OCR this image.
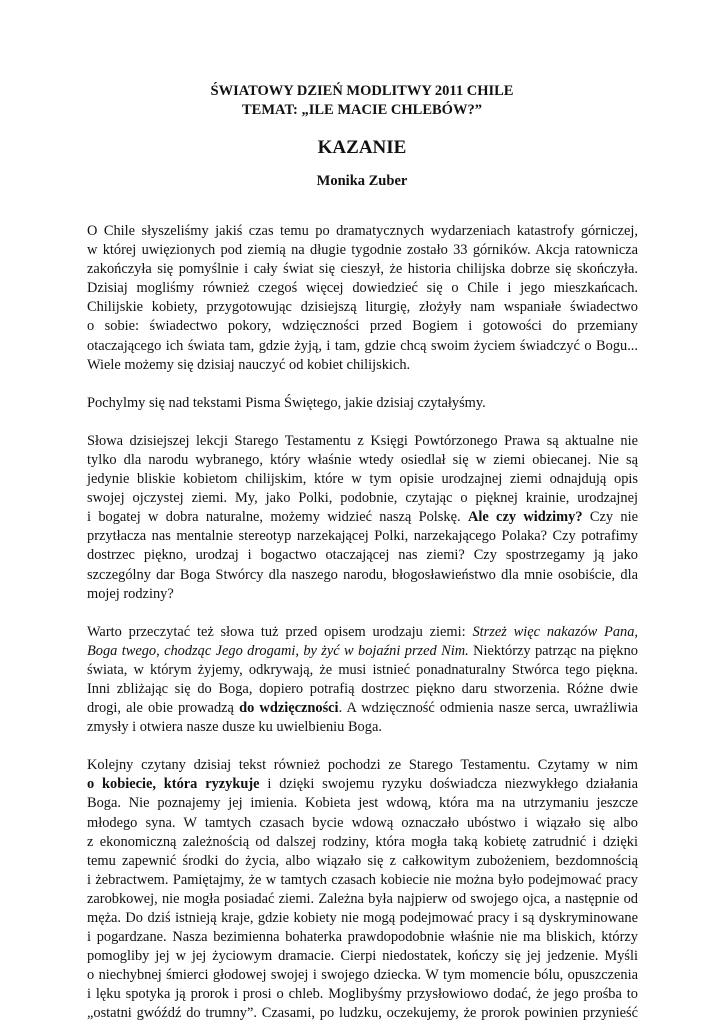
ŚWIATOWY DZIEŃ MODLITWY 2011 CHILE
TEMAT: „ILE MACIE CHLEBÓW?”
KAZANIE
Monika Zuber

O Chile słyszeliśmy jakiś czas temu po dramatycznych wydarzeniach katastrofy górniczej,
w której uwięzionych pod ziemią na długie tygodnie zostało 33 górników. Akcja ratownicza
zakończyła się pomyślnie i cały świat się cieszył, że historia chilijska dobrze się skończyła.
Dzisiaj mogliśmy również czegoś więcej dowiedzieć się o Chile i jego mieszkańcach.
Chilijskie kobiety, przygotowując dzisiejszą liturgię, złożyły nam wspaniałe świadectwo
o sobie: świadectwo pokory, wdzięczności przed Bogiem i gotowości do przemiany
otaczającego ich świata tam, gdzie żyją, i tam, gdzie chcą swoim życiem świadczyć o Bogu...
Wiele możemy się dzisiaj nauczyć od kobiet chilijskich.

Pochylmy się nad tekstami Pisma Świętego, jakie dzisiaj czytałyśmy.

Słowa dzisiejszej lekcji Starego Testamentu z Księgi Powtórzonego Prawa są aktualne nie
tylko dla narodu wybranego, który właśnie wtedy osiedlał się w ziemi obiecanej. Nie są
jedynie bliskie kobietom chilijskim, które w tym opisie urodzajnej ziemi odnajdują opis
swojej ojczystej ziemi. My, jako Polki, podobnie, czytając o pięknej krainie, urodzajnej
i bogatej w dobra naturalne, możemy widzieć naszą Polskę. Ale czy widzimy? Czy nie
przytłacza nas mentalnie stereotyp narzekającej Polki, narzekającego Polaka? Czy potrafimy
dostrzec piękno, urodzaj i bogactwo otaczającej nas ziemi? Czy spostrzegamy ją jako
szczególny dar Boga Stwórcy dla naszego narodu, błogosławieństwo dla mnie osobiście, dla
mojej rodziny?

Warto przeczytać też słowa tuż przed opisem urodzaju ziemi: Strzeż więc nakazów Pana,
Boga twego, chodząc Jego drogami, by żyć w bojaźni przed Nim. Niektórzy patrząc na piękno
świata, w którym żyjemy, odkrywają, że musi istnieć ponadnaturalny Stwórca tego piękna.
Inni zbliżając się do Boga, dopiero potrafią dostrzec piękno daru stworzenia. Różne dwie
drogi, ale obie prowadzą do wdzięczności. A wdzięczność odmienia nasze serca, uwrażliwia
zmysły i otwiera nasze dusze ku uwielbieniu Boga.

Kolejny czytany dzisiaj tekst również pochodzi ze Starego Testamentu. Czytamy w nim
o kobiecie, która ryzykuje i dzięki swojemu ryzyku doświadcza niezwykłego działania
Boga. Nie poznajemy jej imienia. Kobieta jest wdową, która ma na utrzymaniu jeszcze
młodego syna. W tamtych czasach bycie wdową oznaczało ubóstwo i wiązało się albo
z ekonomiczną zależnością od dalszej rodziny, która mogła taką kobietę zatrudnić i dzięki
temu zapewnić środki do życia, albo wiązało się z całkowitym zubożeniem, bezdomnością
i żebractwem. Pamiętajmy, że w tamtych czasach kobiecie nie można było podejmować pracy
zarobkowej, nie mogła posiadać ziemi. Zależna była najpierw od swojego ojca, a następnie od
męża. Do dziś istnieją kraje, gdzie kobiety nie mogą podejmować pracy i są dyskryminowane
i pogardzane. Nasza bezimienna bohaterka prawdopodobnie właśnie nie ma bliskich, którzy
pomogliby jej w jej życiowym dramacie. Cierpi niedostatek, kończy się jej jedzenie. Myśli
o niechybnej śmierci głodowej swojej i swojego dziecka. W tym momencie bólu, opuszczenia
i lęku spotyka ją prorok i prosi o chleb. Moglibyśmy przysłowiowo dodać, że jego prośba to
„ostatni gwóźdź do trumny”. Czasami, po ludzku, oczekujemy, że prorok powinien przynieść
